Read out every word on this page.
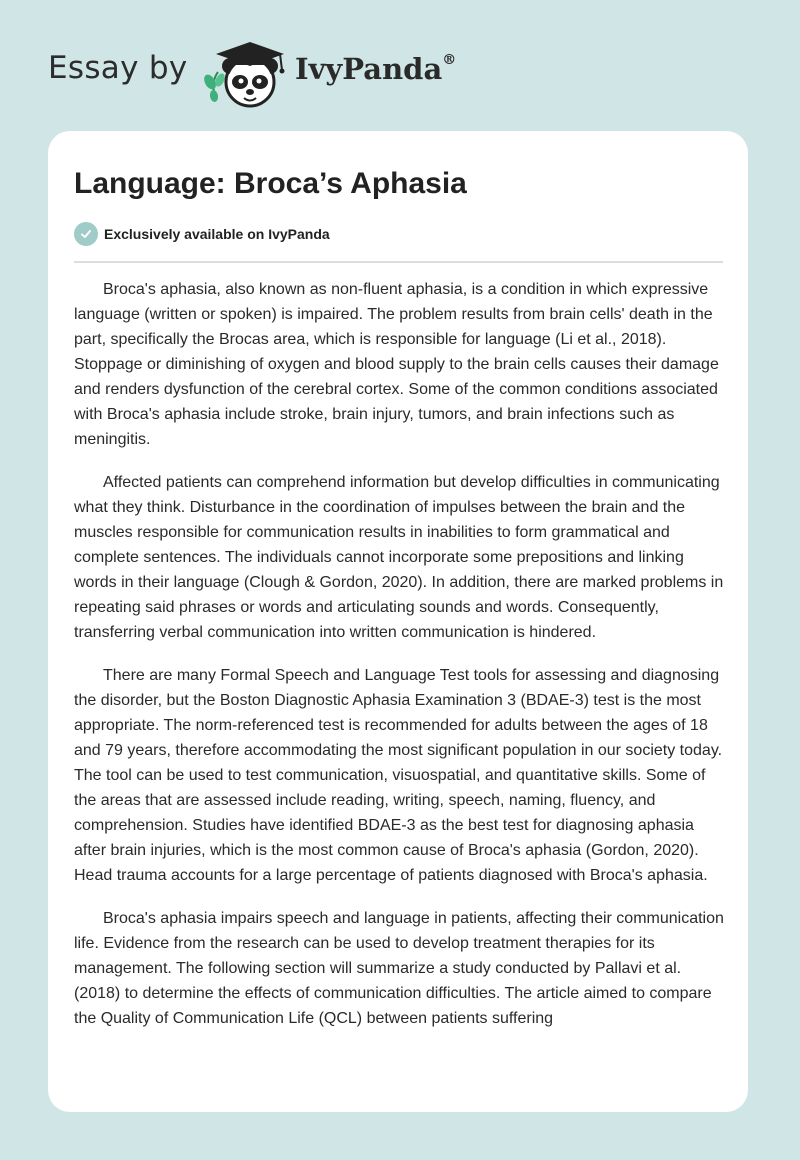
Essay by	IvyPanda®
Language: Broca’s Aphasia
Exclusively available on IvyPanda

Broca's aphasia, also known as non-fluent aphasia, is a condition in which expressive language (written or spoken) is impaired. The problem results from brain cells' death in the part, specifically the Brocas area, which is responsible for language (Li et al., 2018). Stoppage or diminishing of oxygen and blood supply to the brain cells causes their damage and renders dysfunction of the cerebral cortex. Some of the common conditions associated with Broca's aphasia include stroke, brain injury, tumors, and brain infections such as meningitis.

Affected patients can comprehend information but develop difficulties in communicating what they think. Disturbance in the coordination of impulses between the brain and the muscles responsible for communication results in inabilities to form grammatical and complete sentences. The individuals cannot incorporate some prepositions and linking words in their language (Clough & Gordon, 2020). In addition, there are marked problems in repeating said phrases or words and articulating sounds and words. Consequently, transferring verbal communication into written communication is hindered.

There are many Formal Speech and Language Test tools for assessing and diagnosing the disorder, but the Boston Diagnostic Aphasia Examination 3 (BDAE-3) test is the most appropriate. The norm-referenced test is recommended for adults between the ages of 18 and 79 years, therefore accommodating the most significant population in our society today. The tool can be used to test communication, visuospatial, and quantitative skills. Some of the areas that are assessed include reading, writing, speech, naming, fluency, and comprehension. Studies have identified BDAE-3 as the best test for diagnosing aphasia after brain injuries, which is the most common cause of Broca's aphasia (Gordon, 2020). Head trauma accounts for a large percentage of patients diagnosed with Broca's aphasia.

Broca's aphasia impairs speech and language in patients, affecting their communication life. Evidence from the research can be used to develop treatment therapies for its management. The following section will summarize a study conducted by Pallavi et al. (2018) to determine the effects of communication difficulties. The article aimed to compare the Quality of Communication Life (QCL) between patients suffering
